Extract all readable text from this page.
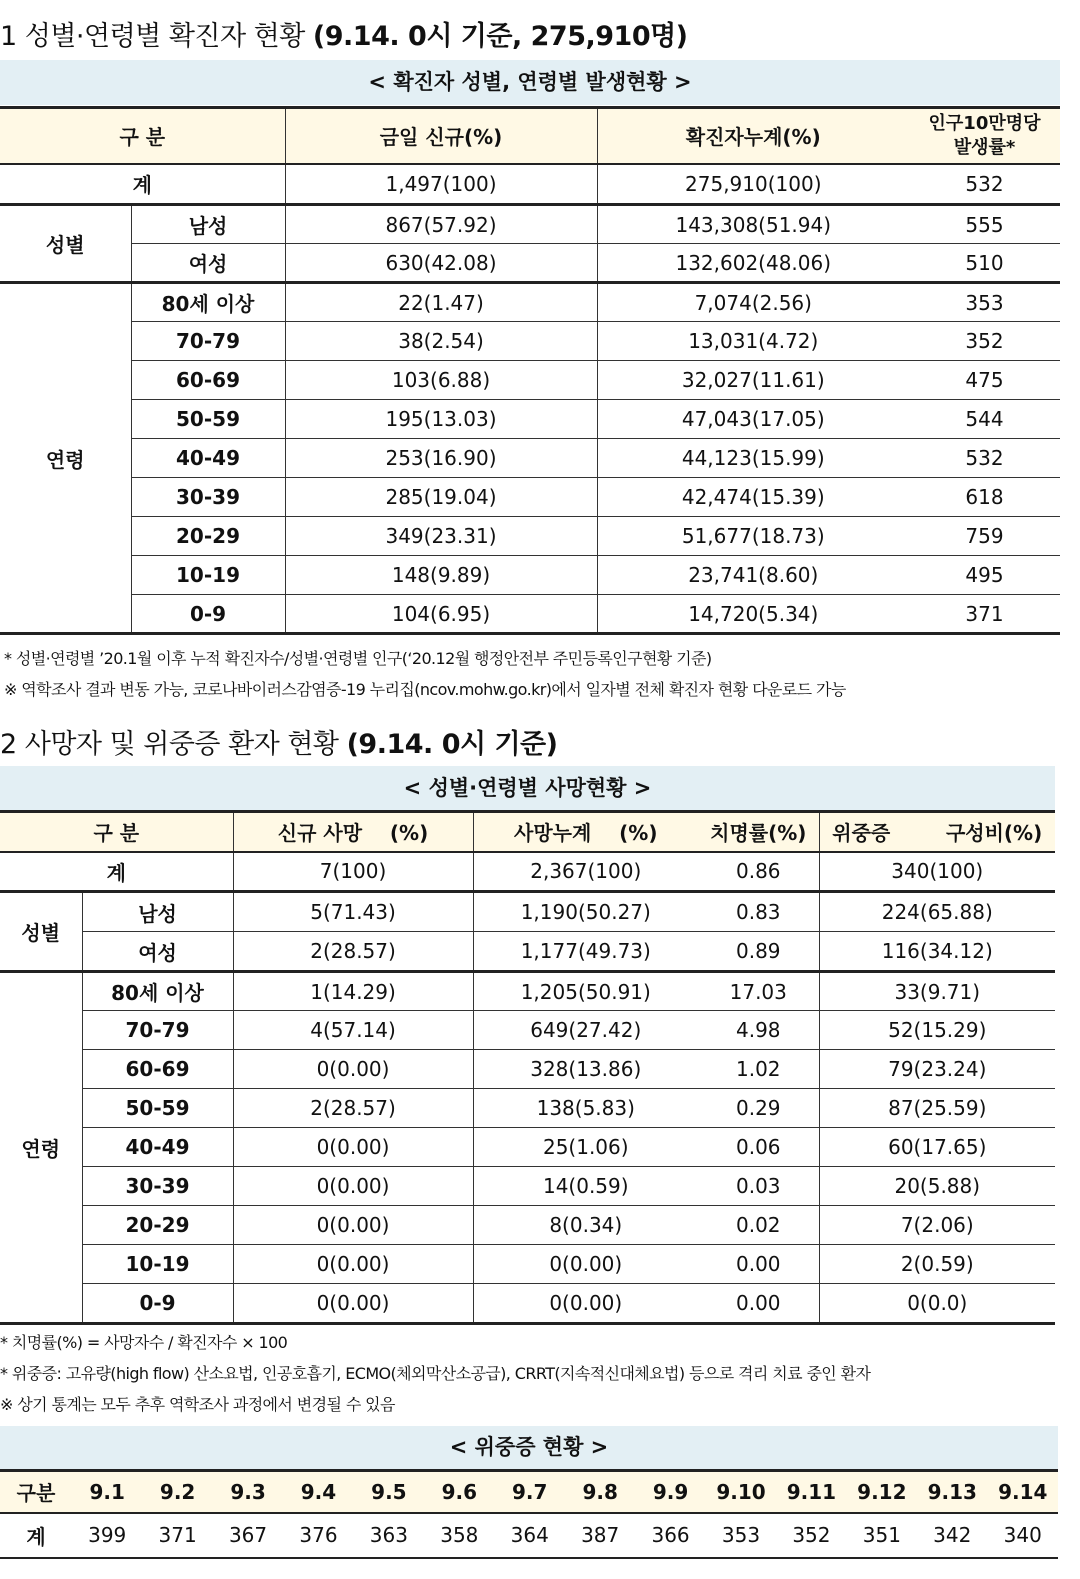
1 성별·연령별 확진자 현황 (9.14. 0시 기준, 275,910명)
< 확진자 성별, 연령별 발생현황 >
구 분		금일 신규(%)	확진자누계(%)	인구10만명당
발생률*

계		1,497(100)	275,910(100)	532
성별	남성	867(57.92)	143,308(51.94)	555
	여성	630(42.08)	132,602(48.06)	510
연령	80세 이상	22(1.47)	7,074(2.56)	353
	70-79	38(2.54)	13,031(4.72)	352
	60-69	103(6.88)	32,027(11.61)	475
	50-59	195(13.03)	47,043(17.05)	544
	40-49	253(16.90)	44,123(15.99)	532
	30-39	285(19.04)	42,474(15.39)	618
	20-29	349(23.31)	51,677(18.73)	759
	10-19	148(9.89)	23,741(8.60)	495
	0-9	104(6.95)	14,720(5.34)	371
* 성별·연령별 ’20.1월 이후 누적 확진자수/성별·연령별 인구(‘20.12월 행정안전부 주민등록인구현황 기준)
※ 역학조사 결과 변동 가능, 코로나바이러스감염증-19 누리집(ncov.mohw.go.kr)에서 일자별 전체 확진자 현황 다운로드 가능
2 사망자 및 위중증 환자 현황 (9.14. 0시 기준)
< 성별·연령별 사망현황 >
구 분		신규 사망    (%)	사망누계    (%)	치명률(%)	위중증        구성비(%)
계		7(100)	2,367(100)	0.86	340(100)
성별	남성	5(71.43)	1,190(50.27)	0.83	224(65.88)
	여성	2(28.57)	1,177(49.73)	0.89	116(34.12)
연령	80세 이상	1(14.29)	1,205(50.91)	17.03	33(9.71)
	70-79	4(57.14)	649(27.42)	4.98	52(15.29)
	60-69	0(0.00)	328(13.86)	1.02	79(23.24)
	50-59	2(28.57)	138(5.83)	0.29	87(25.59)
	40-49	0(0.00)	25(1.06)	0.06	60(17.65)
	30-39	0(0.00)	14(0.59)	0.03	20(5.88)
	20-29	0(0.00)	8(0.34)	0.02	7(2.06)
	10-19	0(0.00)	0(0.00)	0.00	2(0.59)
	0-9	0(0.00)	0(0.00)	0.00	0(0.0)
* 치명률(%) = 사망자수 / 확진자수 × 100
* 위중증: 고유량(high flow) 산소요법, 인공호흡기, ECMO(체외막산소공급), CRRT(지속적신대체요법) 등으로 격리 치료 중인 환자
※ 상기 통계는 모두 추후 역학조사 과정에서 변경될 수 있음
< 위중증 현황 >
구분	9.1	9.2	9.3	9.4	9.5	9.6	9.7	9.8	9.9	9.10	9.11	9.12	9.13	9.14
계	399	371	367	376	363	358	364	387	366	353	352	351	342	340
